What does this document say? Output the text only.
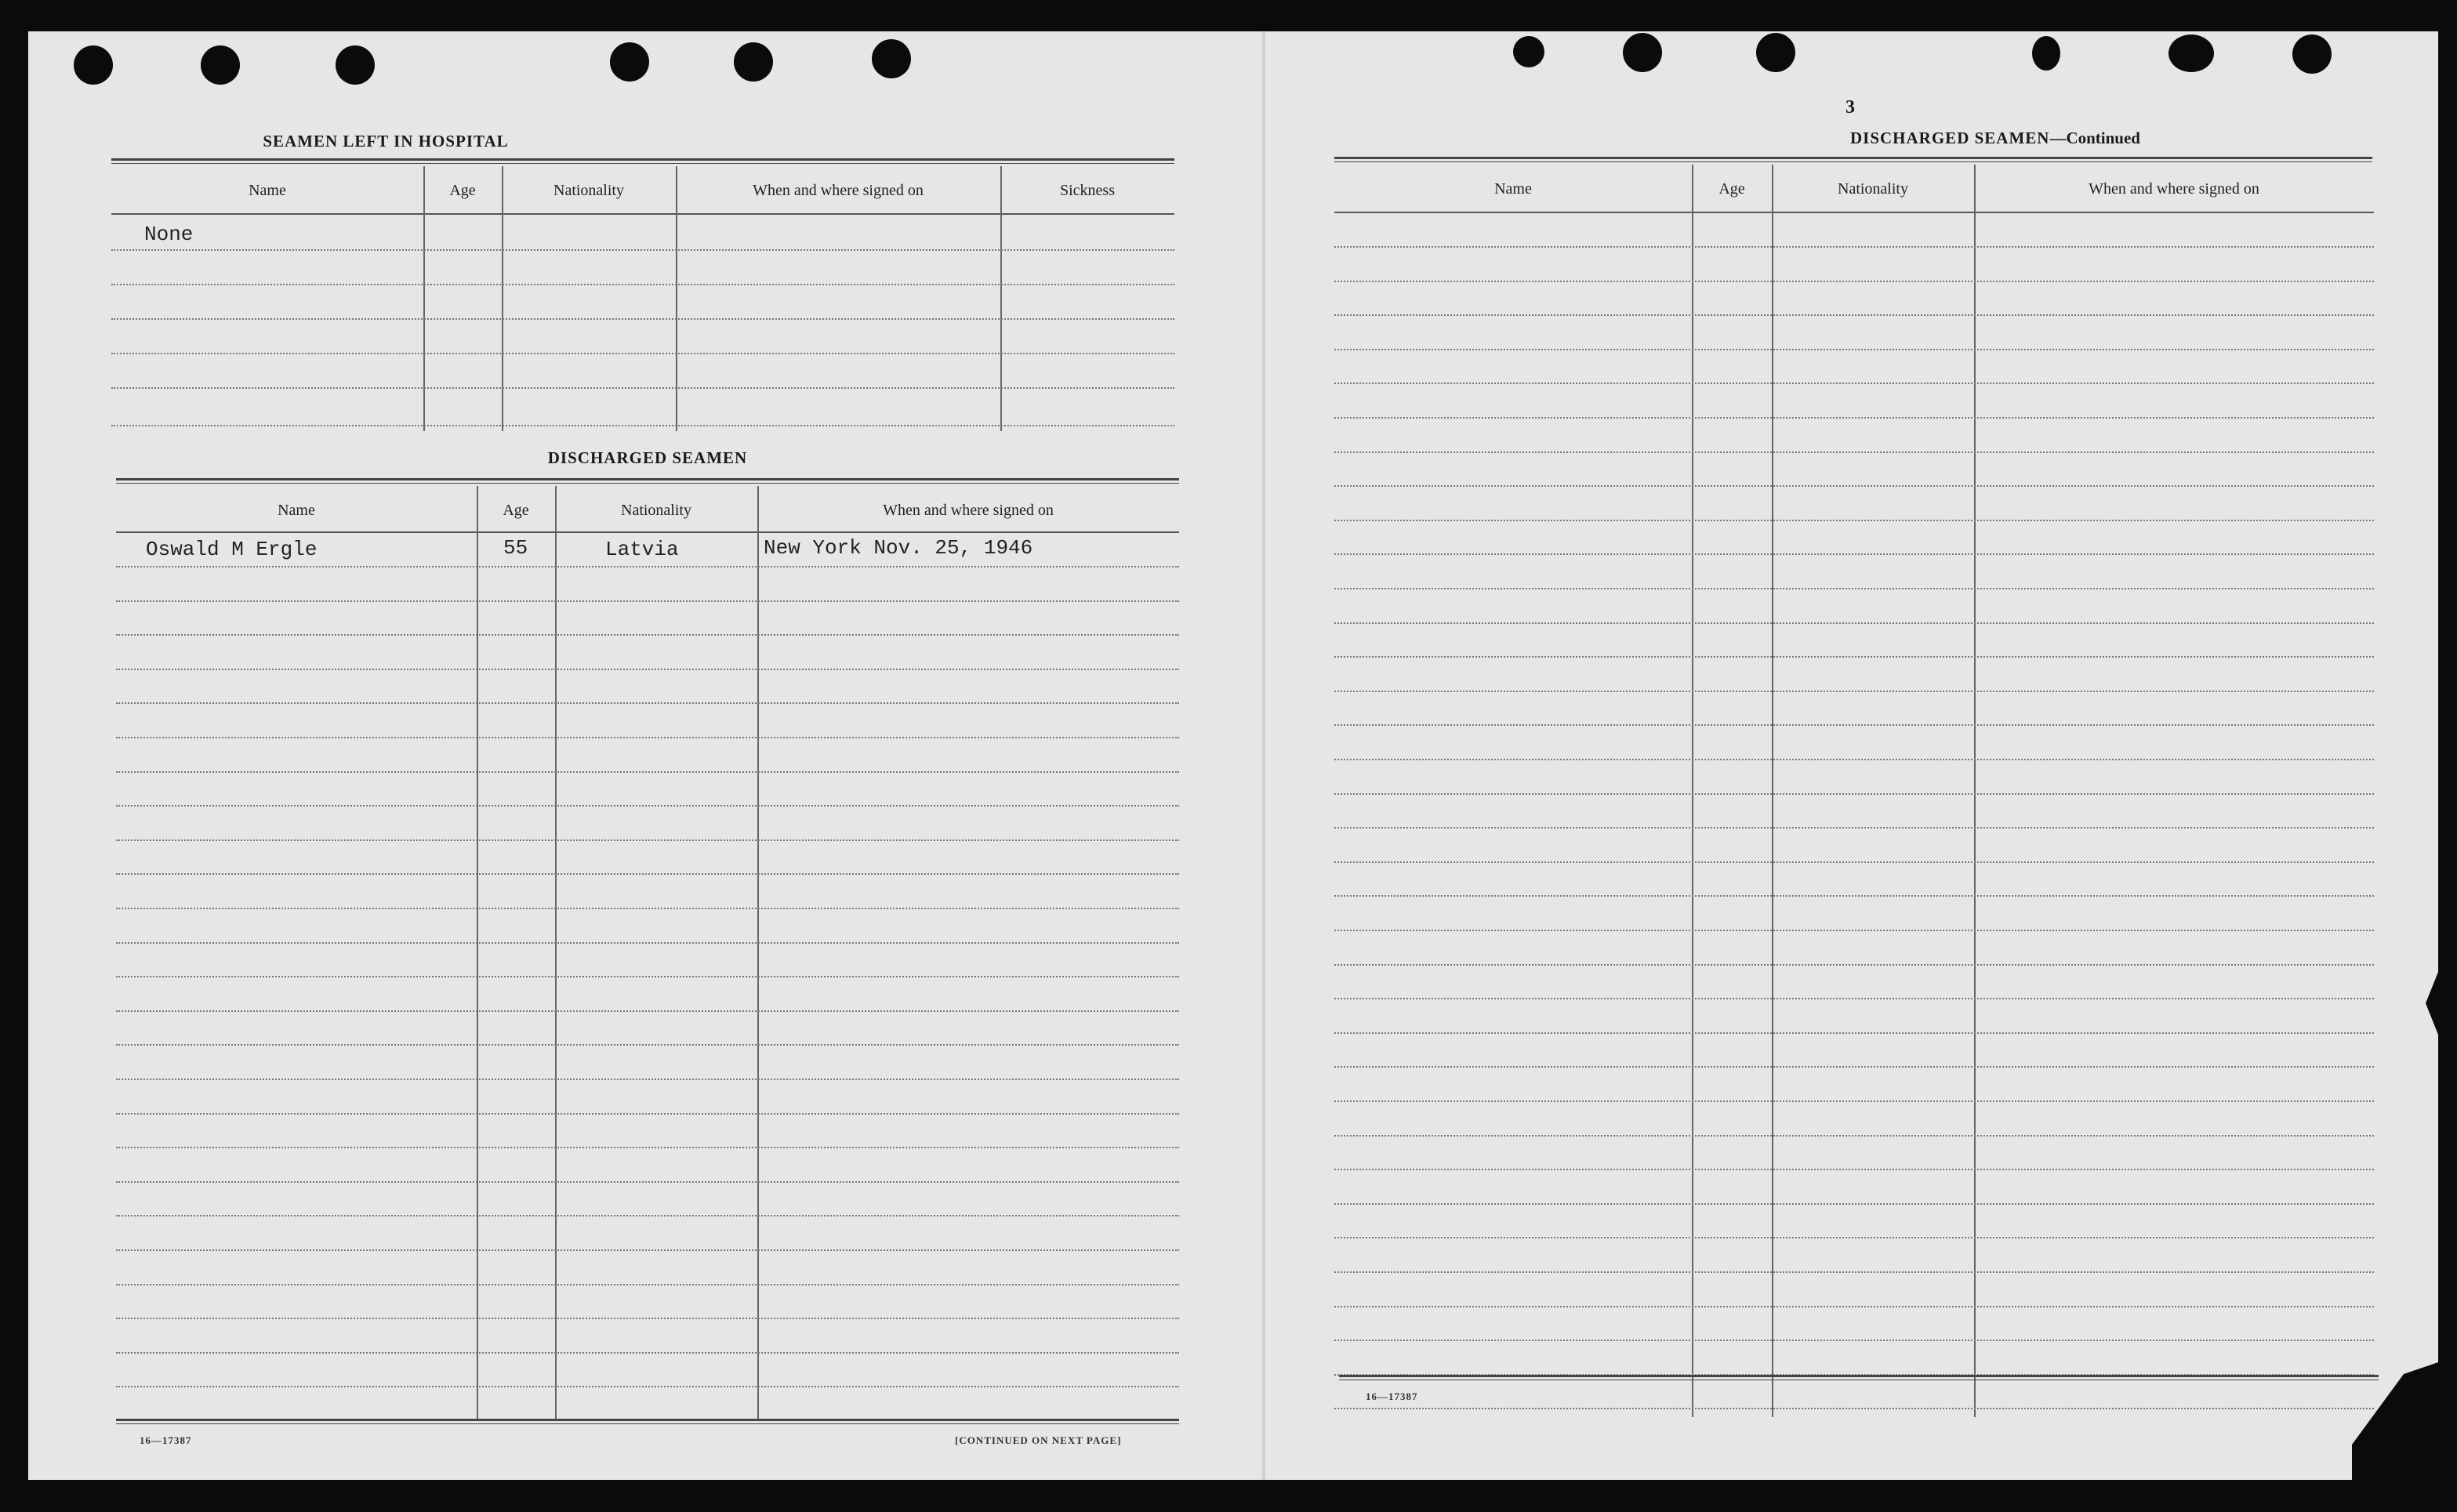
SEAMEN LEFT IN HOSPITAL
Name	Age	Nationality	When and where signed on	Sickness
None
DISCHARGED SEAMEN
Name	Age	Nationality	When and where signed on
Oswald M Ergle	55	Latvia	New York Nov. 25, 1946
16—17387	[CONTINUED ON NEXT PAGE]
3
DISCHARGED SEAMEN—Continued
Name	Age	Nationality	When and where signed on
16—17387
